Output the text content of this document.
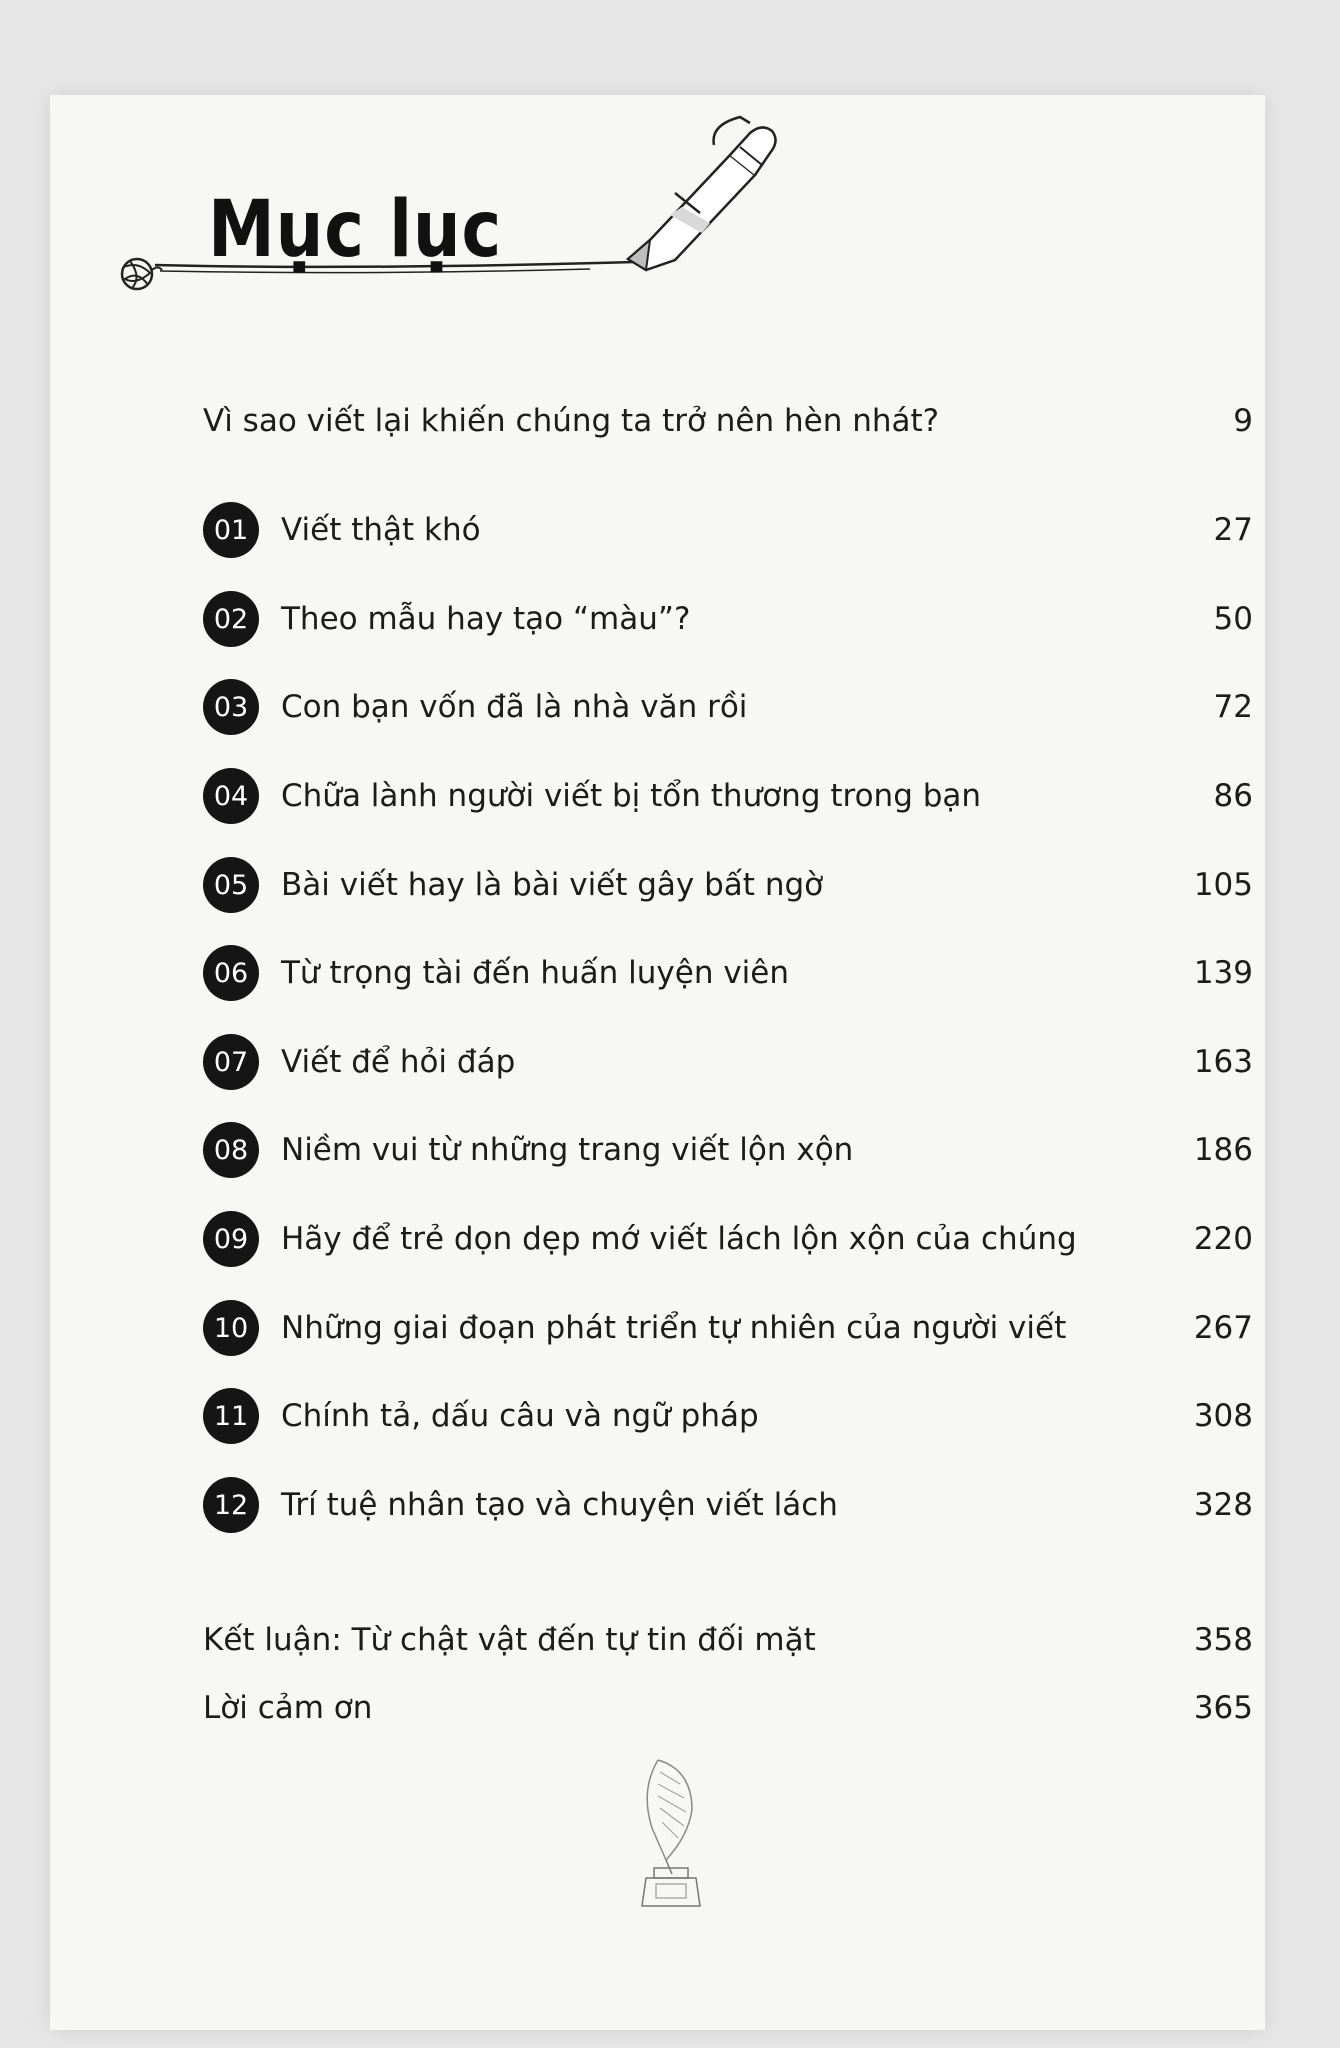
Mục lục
Vì sao viết lại khiến chúng ta trở nên hèn nhát?	9
01	Viết thật khó	27
02	Theo mẫu hay tạo “màu”?	50
03	Con bạn vốn đã là nhà văn rồi	72
04	Chữa lành người viết bị tổn thương trong bạn	86
05	Bài viết hay là bài viết gây bất ngờ	105
06	Từ trọng tài đến huấn luyện viên	139
07	Viết để hỏi đáp	163
08	Niềm vui từ những trang viết lộn xộn	186
09	Hãy để trẻ dọn dẹp mớ viết lách lộn xộn của chúng	220
10	Những giai đoạn phát triển tự nhiên của người viết	267
11	Chính tả, dấu câu và ngữ pháp	308
12	Trí tuệ nhân tạo và chuyện viết lách	328
Kết luận: Từ chật vật đến tự tin đối mặt	358
Lời cảm ơn	365
